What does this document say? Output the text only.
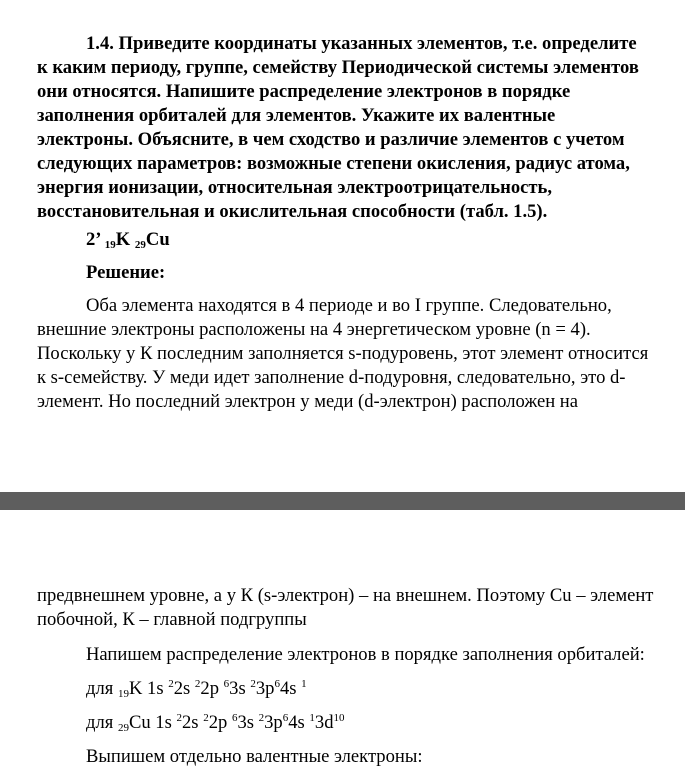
1.4. Приведите координаты указанных элементов, т.е. определите
к каким периоду, группе, семейству Периодической системы элементов
они относятся. Напишите распределение электронов в порядке
заполнения орбиталей для элементов. Укажите их валентные
электроны. Объясните, в чем сходство и различие элементов с учетом
следующих параметров: возможные степени окисления, радиус атома,
энергия ионизации, относительная электроотрицательность,
восстановительная и окислительная способности (табл. 1.5).
2’ $_{19}$K $_{29}$Cu
Решение:
Оба элемента находятся в 4 периоде и во I группе. Следовательно,
внешние электроны расположены на 4 энергетическом уровне (n = 4).
Поскольку у К последним заполняется s-подуровень, этот элемент относится
к s-семейству. У меди идет заполнение d-подуровня, следовательно, это d-
элемент. Но последний электрон у меди (d-электрон) расположен на
предвнешнем уровне, а у К (s-электрон) – на внешнем. Поэтому Cu – элемент
побочной, К – главной подгруппы
Напишем распределение электронов в порядке заполнения орбиталей:
для $_{19}$K 1s $^2$2s $^2$2p $^6$3s $^23p^64s$ $^1$
для $_{29}$Cu 1s $^2$2s $^2$2p $^6$3s $^23p^64s$ $^13d^{10}$
Выпишем отдельно валентные электроны:
